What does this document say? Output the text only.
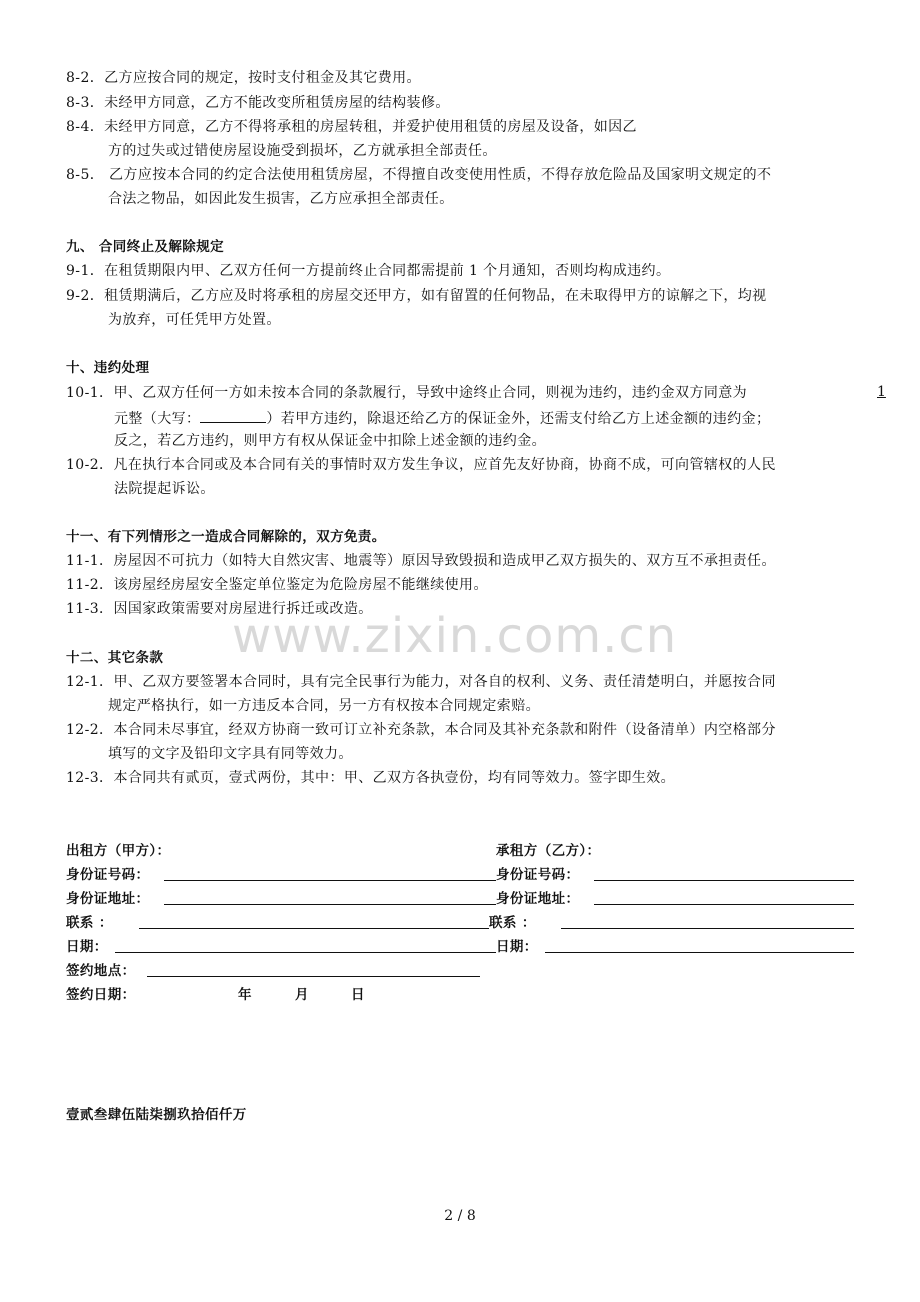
8-2．乙方应按合同的规定，按时支付租金及其它费用。
8-3．未经甲方同意，乙方不能改变所租赁房屋的结构装修。
8-4．未经甲方同意，乙方不得将承租的房屋转租，并爱护使用租赁的房屋及设备，如因乙
方的过失或过错使房屋设施受到损坏，乙方就承担全部责任。
8-5． 乙方应按本合同的约定合法使用租赁房屋，不得擅自改变使用性质，不得存放危险品及国家明文规定的不
合法之物品，如因此发生损害，乙方应承担全部责任。
九、 合同终止及解除规定
9-1．在租赁期限内甲、乙双方任何一方提前终止合同都需提前 1 个月通知，否则均构成违约。
9-2．租赁期满后，乙方应及时将承租的房屋交还甲方，如有留置的任何物品，在未取得甲方的谅解之下，均视
为放弃，可任凭甲方处置。
十、违约处理
10-1．甲、乙双方任何一方如未按本合同的条款履行，导致中途终止合同，则视为违约，违约金双方同意为	1
元整（大写：	）若甲方违约，除退还给乙方的保证金外，还需支付给乙方上述金额的违约金；
反之，若乙方违约，则甲方有权从保证金中扣除上述金额的违约金。
10-2．凡在执行本合同或及本合同有关的事情时双方发生争议，应首先友好协商，协商不成，可向管辖权的人民
法院提起诉讼。
十一、有下列情形之一造成合同解除的，双方免责。
11-1．房屋因不可抗力（如特大自然灾害、地震等）原因导致毁损和造成甲乙双方损失的、双方互不承担责任。
11-2．该房屋经房屋安全鉴定单位鉴定为危险房屋不能继续使用。
11-3．因国家政策需要对房屋进行拆迁或改造。
www.zixin.com.cn
十二、其它条款
12-1．甲、乙双方要签署本合同时，具有完全民事行为能力，对各自的权利、义务、责任清楚明白，并愿按合同
规定严格执行，如一方违反本合同，另一方有权按本合同规定索赔。
12-2．本合同未尽事宜，经双方协商一致可订立补充条款，本合同及其补充条款和附件（设备清单）内空格部分
填写的文字及铅印文字具有同等效力。
12-3．本合同共有贰页，壹式两份，其中：甲、乙双方各执壹份，均有同等效力。签字即生效。
出租方（甲方）：	承租方（乙方）：
身份证号码：	身份证号码：
身份证地址：	身份证地址：
联系 ：	联系 ：
日期：	日期：
签约地点：
签约日期：	年	月	日
壹贰叁肆伍陆柒捌玖拾佰仟万
2 / 8
